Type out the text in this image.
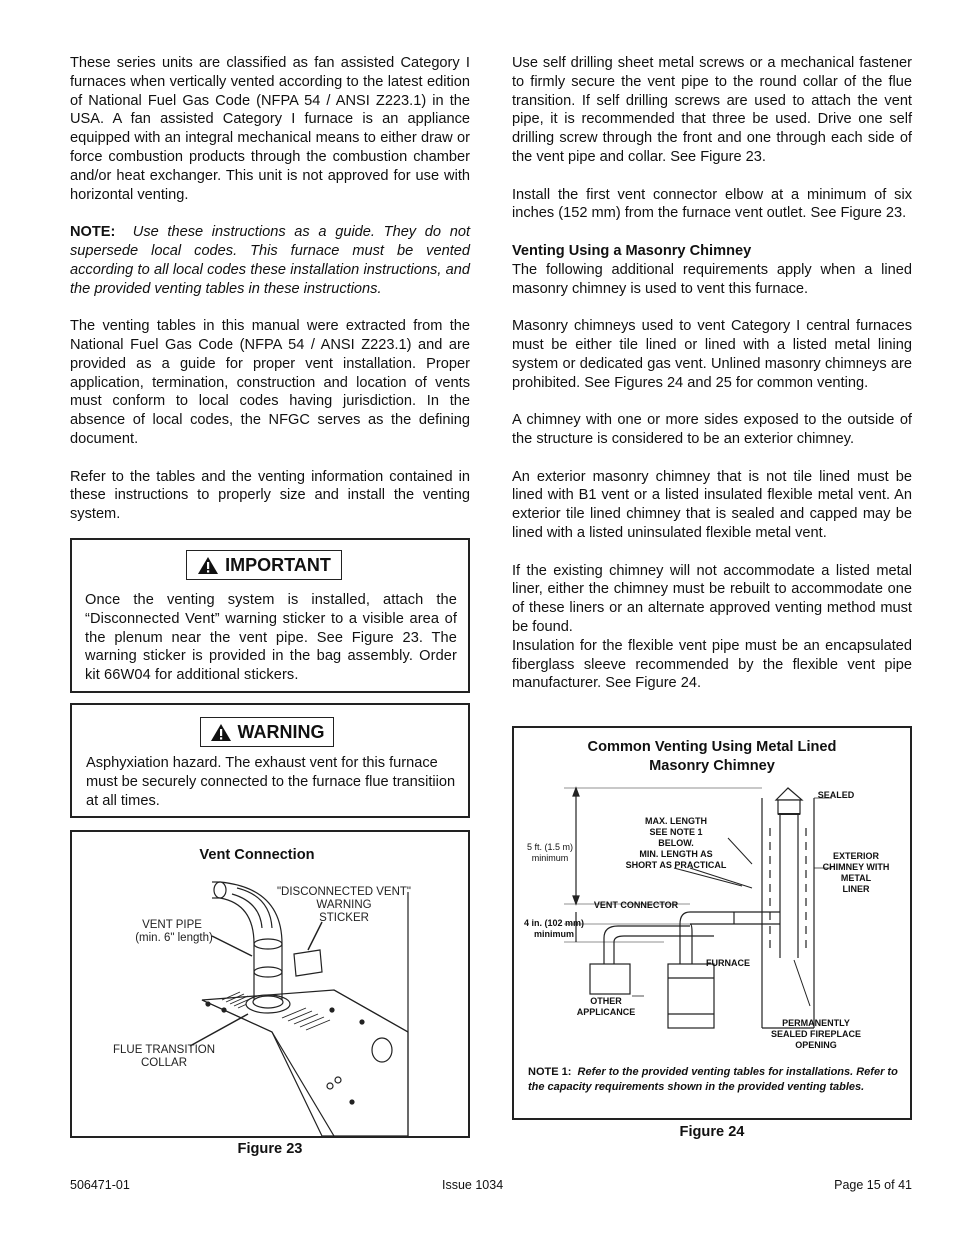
These series units are classified as fan assisted Category I furnaces when vertically vented according to the latest edition of National Fuel Gas Code (NFPA 54 / ANSI Z223.1) in the USA. A fan assisted Category I furnace is an appliance equipped with an integral mechanical means to either draw or force combustion products through the combustion chamber and/or heat exchanger. This unit is not approved for use with horizontal venting.

NOTE: Use these instructions as a guide. They do not supersede local codes. This furnace must be vented according to all local codes these installation instructions, and the provided venting tables in these instructions.

The venting tables in this manual were extracted from the National Fuel Gas Code (NFPA 54 / ANSI Z223.1) and are provided as a guide for proper vent installation. Proper application, termination, construction and location of vents must conform to local codes having jurisdiction. In the absence of local codes, the NFGC serves as the defining document.

Refer to the tables and the venting information contained in these instructions to properly size and install the venting system.

IMPORTANT
Once the venting system is installed, attach the “Disconnected Vent” warning sticker to a visible area of the plenum near the vent pipe. See Figure 23. The warning sticker is provided in the bag assembly. Order kit 66W04 for additional stickers.
WARNING
Asphyxiation hazard. The exhaust vent for this furnace must be securely connected to the furnace flue transitiion at all times.
Vent Connection
"DISCONNECTED VENT"
WARNING
STICKER
VENT PIPE
(min. 6" length)
FLUE TRANSITION
COLLAR
Figure 23

Use self drilling sheet metal screws or a mechanical fastener to firmly secure the vent pipe to the round collar of the flue transition. If self drilling screws are used to attach the vent pipe, it is recommended that three be used. Drive one self drilling screw through the front and one through each side of the vent pipe and collar. See Figure 23.

Install the first vent connector elbow at a minimum of six inches (152 mm) from the furnace vent outlet. See Figure 23.

Venting Using a Masonry Chimney

The following additional requirements apply when a lined masonry chimney is used to vent this furnace.

Masonry chimneys used to vent Category I central furnaces must be either tile lined or lined with a listed metal lining system or dedicated gas vent. Unlined masonry chimneys are prohibited. See Figures 24 and 25 for common venting.

A chimney with one or more sides exposed to the outside of the structure is considered to be an exterior chimney.

An exterior masonry chimney that is not tile lined must be lined with B1 vent or a listed insulated flexible metal vent. An exterior tile lined chimney that is sealed and capped may be lined with a listed uninsulated flexible metal vent.

If the existing chimney will not accommodate a listed metal liner, either the chimney must be rebuilt to accommodate one of these liners or an alternate approved venting method must be found.

Insulation for the flexible vent pipe must be an encapsulated fiberglass sleeve recommended by the flexible vent pipe manufacturer. See Figure 24.

Common Venting Using Metal Lined
Masonry Chimney
SEALED
MAX. LENGTH
SEE NOTE 1
BELOW.
MIN. LENGTH AS
SHORT AS PRACTICAL
5 ft. (1.5 m)
minimum	EXTERIOR
CHIMNEY WITH
METAL
LINER
VENT CONNECTOR
4 in. (102 mm)
minimum
FURNACE
OTHER
APPLICANCE
PERMANENTLY
SEALED FIREPLACE
OPENING
NOTE 1: Refer to the provided venting tables for installations. Refer to the capacity requirements shown in the provided venting tables.
Figure 24
506471-01	Issue 1034	Page 15 of 41
